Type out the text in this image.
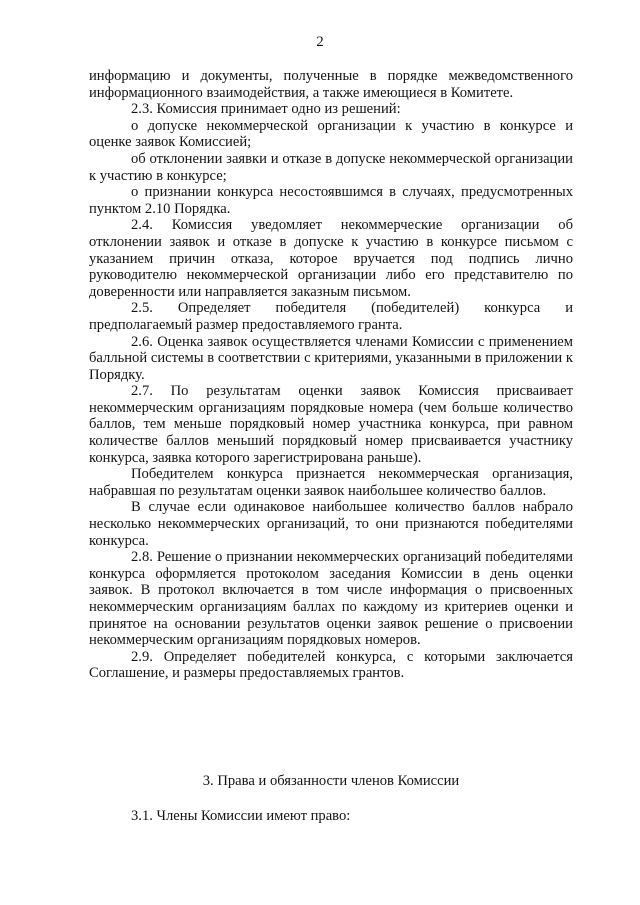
2

информацию и документы, полученные в порядке межведомственного информационного взаимодействия, а также имеющиеся в Комитете.

2.3. Комиссия принимает одно из решений:

о допуске некоммерческой организации к участию в конкурсе и оценке заявок Комиссией;

об отклонении заявки и отказе в допуске некоммерческой организации к участию в конкурсе;

о признании конкурса несостоявшимся в случаях, предусмотренных пунктом 2.10 Порядка.

2.4. Комиссия уведомляет некоммерческие организации об отклонении заявок и отказе в допуске к участию в конкурсе письмом с указанием причин отказа, которое вручается под подпись лично руководителю некоммерческой организации либо его представителю по доверенности или направляется заказным письмом.

2.5. Определяет победителя (победителей) конкурса и предполагаемый размер предоставляемого гранта.

2.6. Оценка заявок осуществляется членами Комиссии с применением балльной системы в соответствии с критериями, указанными в приложении к Порядку.

2.7. По результатам оценки заявок Комиссия присваивает некоммерческим организациям порядковые номера (чем больше количество баллов, тем меньше порядковый номер участника конкурса, при равном количестве баллов меньший порядковый номер присваивается участнику конкурса, заявка которого зарегистрирована раньше).

Победителем конкурса признается некоммерческая организация, набравшая по результатам оценки заявок наибольшее количество баллов.

В случае если одинаковое наибольшее количество баллов набрало несколько некоммерческих организаций, то они признаются победителями конкурса.

2.8. Решение о признании некоммерческих организаций победителями конкурса оформляется протоколом заседания Комиссии в день оценки заявок. В протокол включается в том числе информация о присвоенных некоммерческим организациям баллах по каждому из критериев оценки и принятое на основании результатов оценки заявок решение о присвоении некоммерческим организациям порядковых номеров.

2.9. Определяет победителей конкурса, с которыми заключается Соглашение, и размеры предоставляемых грантов.

3. Права и обязанности членов Комиссии
3.1. Члены Комиссии имеют право:
